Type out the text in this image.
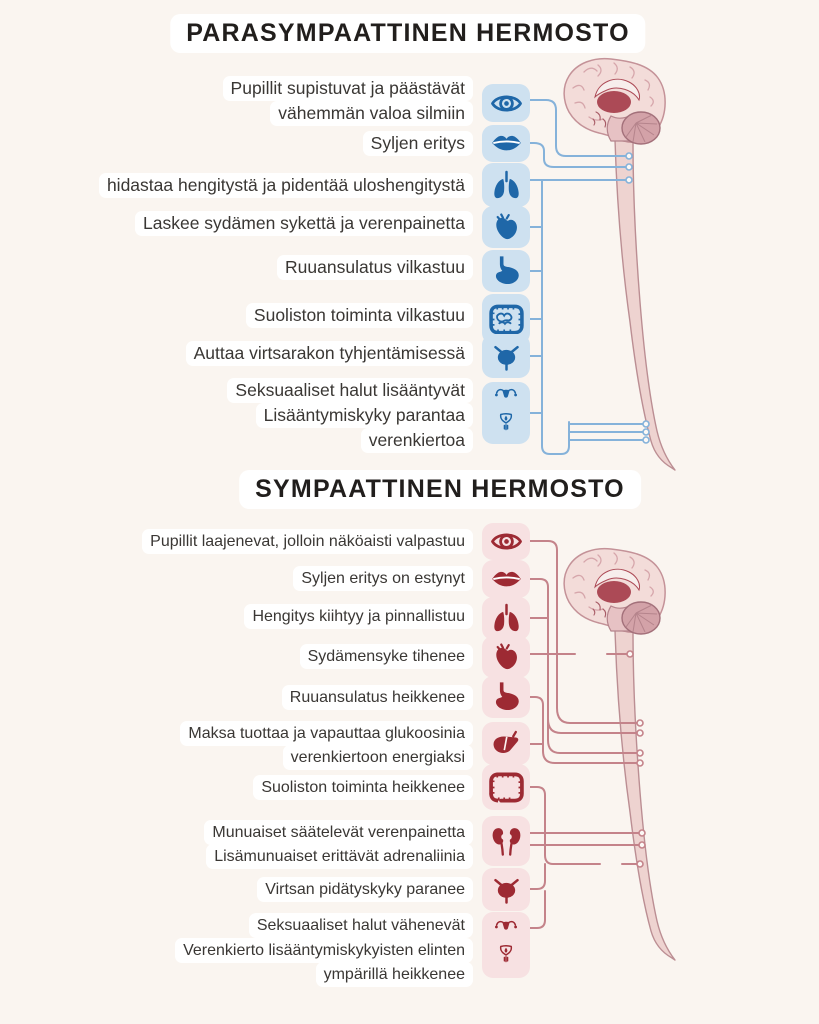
PARASYMPAATTINEN HERMOSTO
SYMPAATTINEN HERMOSTO
Pupillit supistuvat ja päästävät
vähemmän valoa silmiin
Syljen eritys
hidastaa hengitystä ja pidentää uloshengitystä
Laskee sydämen sykettä ja verenpainetta
Ruuansulatus vilkastuu
Suoliston toiminta vilkastuu
Auttaa virtsarakon tyhjentämisessä
Seksuaaliset halut lisääntyvät
Lisääntymiskyky parantaa
verenkiertoa
Pupillit laajenevat, jolloin näköaisti valpastuu
Syljen eritys on estynyt
Hengitys kiihtyy ja pinnallistuu
Sydämensyke tihenee
Ruuansulatus heikkenee
Maksa tuottaa ja vapauttaa glukoosinia
verenkiertoon energiaksi
Suoliston toiminta heikkenee
Munuaiset säätelevät verenpainetta
Lisämunuaiset erittävät adrenaliinia
Virtsan pidätyskyky paranee
Seksuaaliset halut vähenevät
Verenkierto lisääntymiskykyisten elinten
ympärillä heikkenee
